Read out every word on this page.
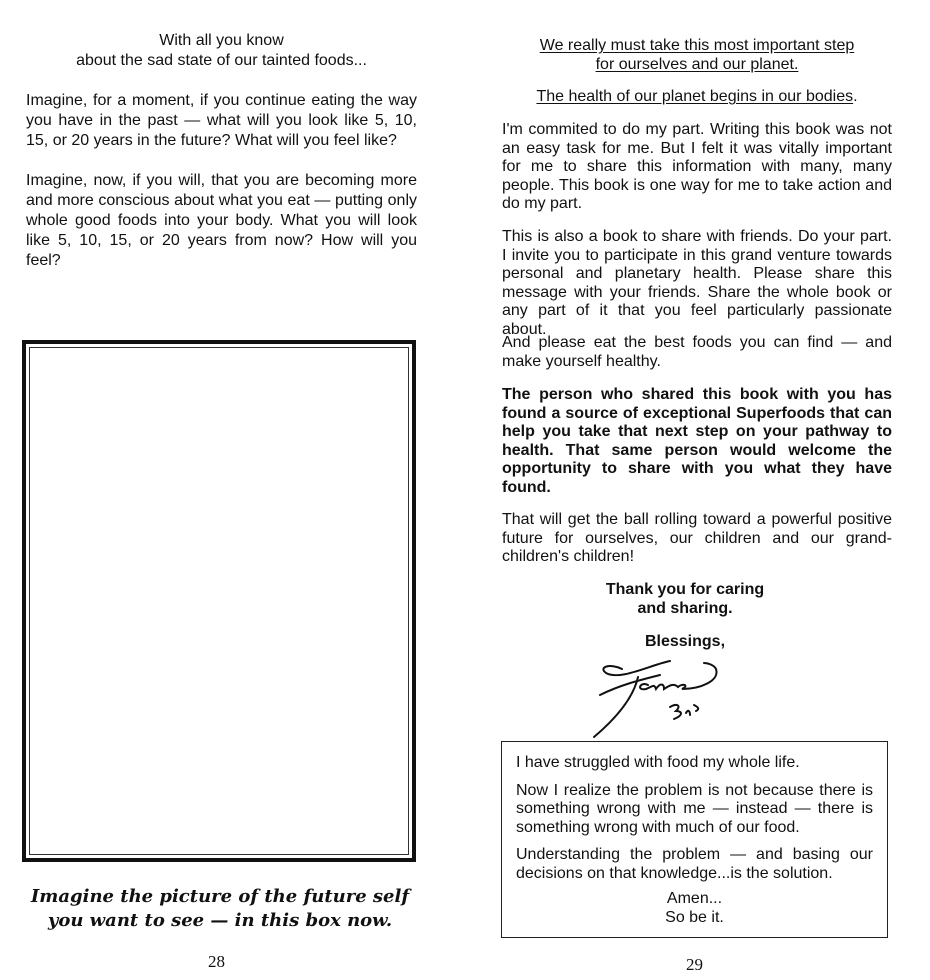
With all you know
about the sad state of our tainted foods...

Imagine, for a moment, if you continue eating the way you have in the past — what will you look like 5, 10, 15, or 20 years in the future? What will you feel like?

Imagine, now, if you will, that you are becoming more and more conscious about what you eat — putting only whole good foods into your body. What you will look like 5, 10, 15, or 20 years from now? How will you feel?

Imagine the picture of the future self
you want to see — in this box now.
28
We really must take this most important step
for ourselves and our planet.
The health of our planet begins in our bodies.

I'm commited to do my part. Writing this book was not an easy task for me. But I felt it was vitally important for me to share this information with many, many people. This book is one way for me to take action and do my part.

This is also a book to share with friends. Do your part. I invite you to participate in this grand venture towards personal and planetary health. Please share this message with your friends. Share the whole book or any part of it that you feel particularly passionate about.

And please eat the best foods you can find — and make yourself healthy.

The person who shared this book with you has found a source of exceptional Superfoods that can help you take that next step on your pathway to health. That same person would welcome the opportunity to share with you what they have found.

That will get the ball rolling toward a powerful positive future for ourselves, our children and our grand-children's children!

Thank you for caring
and sharing.
Blessings,

I have struggled with food my whole life.

Now I realize the problem is not because there is something wrong with me — instead — there is something wrong with much of our food.

Understanding the problem — and basing our decisions on that knowledge...is the solution.

Amen...
So be it.
29
